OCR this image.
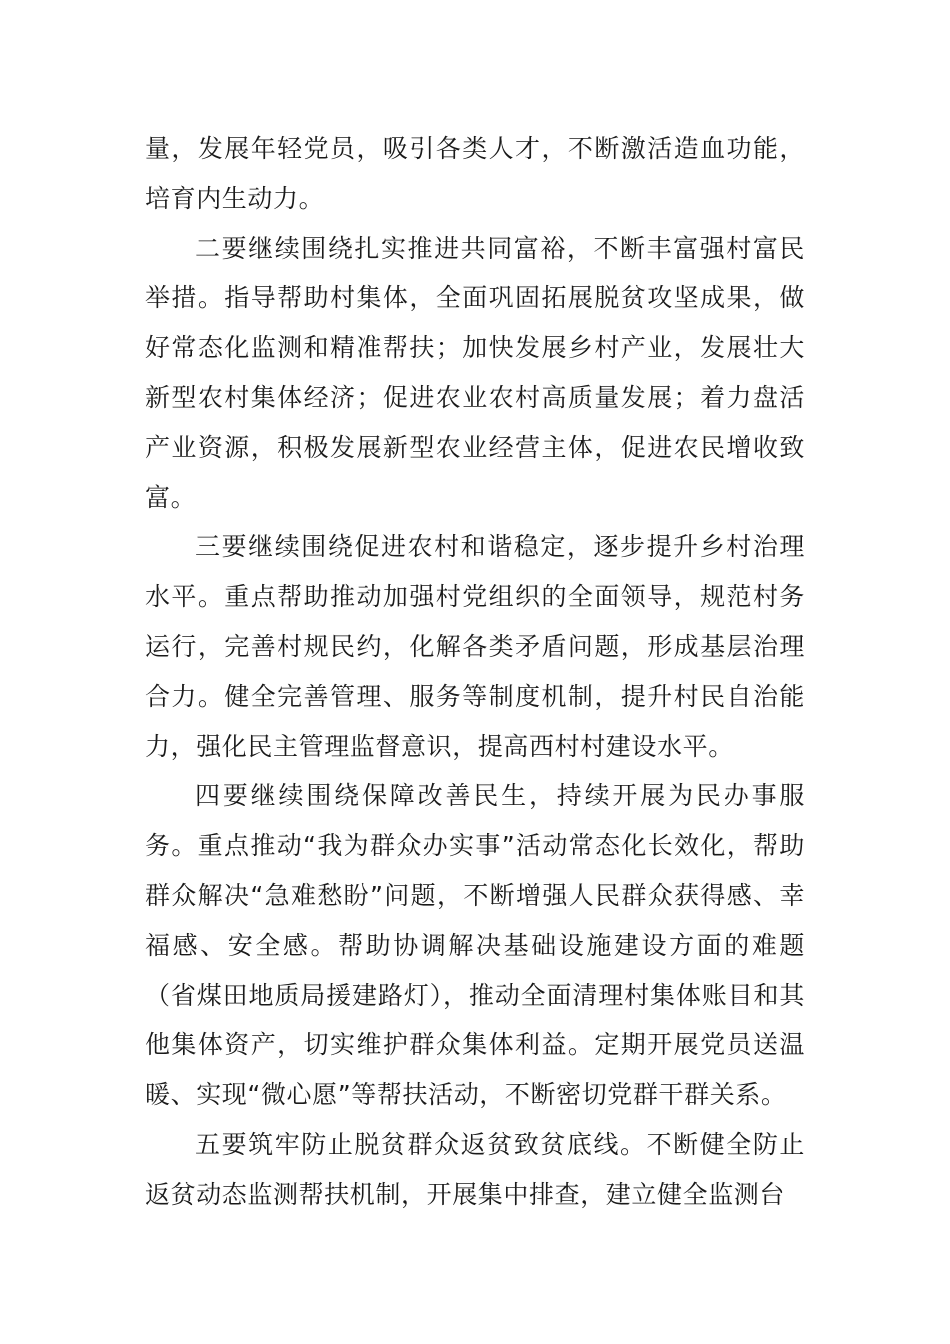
量，发展年轻党员，吸引各类人才，不断激活造血功能，培育内生动力。

二要继续围绕扎实推进共同富裕，不断丰富强村富民举措。指导帮助村集体，全面巩固拓展脱贫攻坚成果，做好常态化监测和精准帮扶；加快发展乡村产业，发展壮大新型农村集体经济；促进农业农村高质量发展；着力盘活产业资源，积极发展新型农业经营主体，促进农民增收致富。

三要继续围绕促进农村和谐稳定，逐步提升乡村治理水平。重点帮助推动加强村党组织的全面领导，规范村务运行，完善村规民约，化解各类矛盾问题，形成基层治理合力。健全完善管理、服务等制度机制，提升村民自治能力，强化民主管理监督意识，提高西村村建设水平。

四要继续围绕保障改善民生，持续开展为民办事服务。重点推动“我为群众办实事”活动常态化长效化，帮助群众解决“急难愁盼”问题，不断增强人民群众获得感、幸福感、安全感。帮助协调解决基础设施建设方面的难题（省煤田地质局援建路灯），推动全面清理村集体账目和其他集体资产，切实维护群众集体利益。定期开展党员送温暖、实现“微心愿”等帮扶活动，不断密切党群干群关系。

五要筑牢防止脱贫群众返贫致贫底线。不断健全防止返贫动态监测帮扶机制，开展集中排查，建立健全监测台
